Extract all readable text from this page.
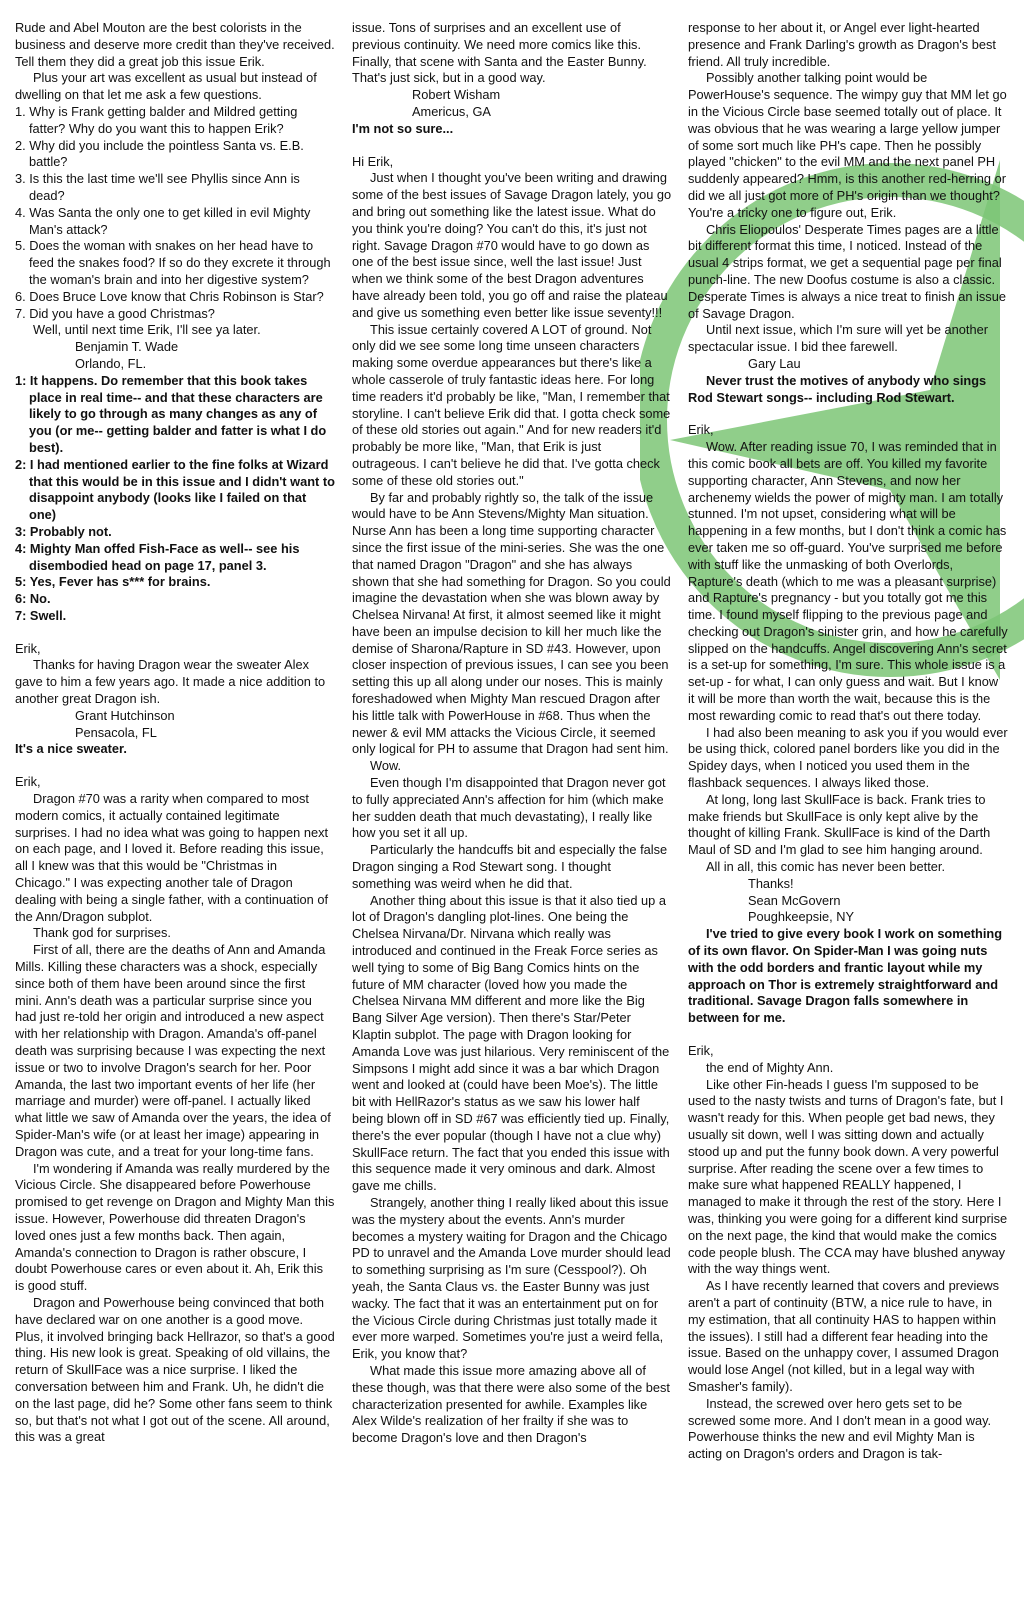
Rude and Abel Mouton are the best colorists in the business and deserve more credit than they've received. Tell them they did a great job this issue Erik.

Plus your art was excellent as usual but instead of dwelling on that let me ask a few questions.

1. Why is Frank getting balder and Mildred getting fatter? Why do you want this to happen Erik?
2. Why did you include the pointless Santa vs. E.B. battle?
3. Is this the last time we'll see Phyllis since Ann is dead?
4. Was Santa the only one to get killed in evil Mighty Man's attack?
5. Does the woman with snakes on her head have to feed the snakes food? If so do they excrete it through the woman's brain and into her digestive system?
6. Does Bruce Love know that Chris Robinson is Star?
7. Did you have a good Christmas?

Well, until next time Erik, I'll see ya later.

Benjamin T. Wade

Orlando, FL.

1: It happens. Do remember that this book takes place in real time-- and that these characters are likely to go through as many changes as any of you (or me-- getting balder and fatter is what I do best).
2: I had mentioned earlier to the fine folks at Wizard that this would be in this issue and I didn't want to disappoint anybody (looks like I failed on that one)
3: Probably not.
4: Mighty Man offed Fish-Face as well-- see his disembodied head on page 17, panel 3.
5: Yes, Fever has s*** for brains.
6: No.
7: Swell.

Erik,

Thanks for having Dragon wear the sweater Alex gave to him a few years ago. It made a nice addition to another great Dragon ish.

Grant Hutchinson

Pensacola, FL

It's a nice sweater.

Erik,

Dragon #70 was a rarity when compared to most modern comics, it actually contained legitimate surprises. I had no idea what was going to happen next on each page, and I loved it. Before reading this issue, all I knew was that this would be "Christmas in Chicago." I was expecting another tale of Dragon dealing with being a single father, with a continuation of the Ann/Dragon subplot.

Thank god for surprises.

First of all, there are the deaths of Ann and Amanda Mills. Killing these characters was a shock, especially since both of them have been around since the first mini. Ann's death was a particular surprise since you had just re-told her origin and introduced a new aspect with her relationship with Dragon. Amanda's off-panel death was surprising because I was expecting the next issue or two to involve Dragon's search for her. Poor Amanda, the last two important events of her life (her marriage and murder) were off-panel. I actually liked what little we saw of Amanda over the years, the idea of Spider-Man's wife (or at least her image) appearing in Dragon was cute, and a treat for your long-time fans.

I'm wondering if Amanda was really murdered by the Vicious Circle. She disappeared before Powerhouse promised to get revenge on Dragon and Mighty Man this issue. However, Powerhouse did threaten Dragon's loved ones just a few months back. Then again, Amanda's connection to Dragon is rather obscure, I doubt Powerhouse cares or even about it. Ah, Erik this is good stuff.

Dragon and Powerhouse being convinced that both have declared war on one another is a good move. Plus, it involved bringing back Hellrazor, so that's a good thing. His new look is great. Speaking of old villains, the return of SkullFace was a nice surprise. I liked the conversation between him and Frank. Uh, he didn't die on the last page, did he? Some other fans seem to think so, but that's not what I got out of the scene. All around, this was a great

issue. Tons of surprises and an excellent use of previous continuity. We need more comics like this. Finally, that scene with Santa and the Easter Bunny. That's just sick, but in a good way.

Robert Wisham

Americus, GA

I'm not so sure...

Hi Erik,

Just when I thought you've been writing and drawing some of the best issues of Savage Dragon lately, you go and bring out something like the latest issue. What do you think you're doing? You can't do this, it's just not right. Savage Dragon #70 would have to go down as one of the best issue since, well the last issue! Just when we think some of the best Dragon adventures have already been told, you go off and raise the plateau and give us something even better like issue seventy!!!

This issue certainly covered A LOT of ground. Not only did we see some long time unseen characters making some overdue appearances but there's like a whole casserole of truly fantastic ideas here. For long time readers it'd probably be like, "Man, I remember that storyline. I can't believe Erik did that. I gotta check some of these old stories out again." And for new readers it'd probably be more like, "Man, that Erik is just outrageous. I can't believe he did that. I've gotta check some of these old stories out."

By far and probably rightly so, the talk of the issue would have to be Ann Stevens/Mighty Man situation. Nurse Ann has been a long time supporting character since the first issue of the mini-series. She was the one that named Dragon "Dragon" and she has always shown that she had something for Dragon. So you could imagine the devastation when she was blown away by Chelsea Nirvana! At first, it almost seemed like it might have been an impulse decision to kill her much like the demise of Sharona/Rapture in SD #43. However, upon closer inspection of previous issues, I can see you been setting this up all along under our noses. This is mainly foreshadowed when Mighty Man rescued Dragon after his little talk with PowerHouse in #68. Thus when the newer & evil MM attacks the Vicious Circle, it seemed only logical for PH to assume that Dragon had sent him.

Wow.

Even though I'm disappointed that Dragon never got to fully appreciated Ann's affection for him (which make her sudden death that much devastating), I really like how you set it all up.

Particularly the handcuffs bit and especially the false Dragon singing a Rod Stewart song. I thought something was weird when he did that.

Another thing about this issue is that it also tied up a lot of Dragon's dangling plot-lines. One being the Chelsea Nirvana/Dr. Nirvana which really was introduced and continued in the Freak Force series as well tying to some of Big Bang Comics hints on the future of MM character (loved how you made the Chelsea Nirvana MM different and more like the Big Bang Silver Age version). Then there's Star/Peter Klaptin subplot. The page with Dragon looking for Amanda Love was just hilarious. Very reminiscent of the Simpsons I might add since it was a bar which Dragon went and looked at (could have been Moe's). The little bit with HellRazor's status as we saw his lower half being blown off in SD #67 was efficiently tied up. Finally, there's the ever popular (though I have not a clue why) SkullFace return. The fact that you ended this issue with this sequence made it very ominous and dark. Almost gave me chills.

Strangely, another thing I really liked about this issue was the mystery about the events. Ann's murder becomes a mystery waiting for Dragon and the Chicago PD to unravel and the Amanda Love murder should lead to something surprising as I'm sure (Cesspool?). Oh yeah, the Santa Claus vs. the Easter Bunny was just wacky. The fact that it was an entertainment put on for the Vicious Circle during Christmas just totally made it ever more warped. Sometimes you're just a weird fella, Erik, you know that?

What made this issue more amazing above all of these though, was that there were also some of the best characterization presented for awhile. Examples like Alex Wilde's realization of her frailty if she was to become Dragon's love and then Dragon's

response to her about it, or Angel ever light-hearted presence and Frank Darling's growth as Dragon's best friend. All truly incredible.

Possibly another talking point would be PowerHouse's sequence. The wimpy guy that MM let go in the Vicious Circle base seemed totally out of place. It was obvious that he was wearing a large yellow jumper of some sort much like PH's cape. Then he possibly played "chicken" to the evil MM and the next panel PH suddenly appeared? Hmm, is this another red-herring or did we all just got more of PH's origin than we thought? You're a tricky one to figure out, Erik.

Chris Eliopoulos' Desperate Times pages are a little bit different format this time, I noticed. Instead of the usual 4 strips format, we get a sequential page per final punch-line. The new Doofus costume is also a classic. Desperate Times is always a nice treat to finish an issue of Savage Dragon.

Until next issue, which I'm sure will yet be another spectacular issue. I bid thee farewell.

Gary Lau

Never trust the motives of anybody who sings Rod Stewart songs-- including Rod Stewart.

Erik,

Wow. After reading issue 70, I was reminded that in this comic book all bets are off. You killed my favorite supporting character, Ann Stevens, and now her archenemy wields the power of mighty man. I am totally stunned. I'm not upset, considering what will be happening in a few months, but I don't think a comic has ever taken me so off-guard. You've surprised me before with stuff like the unmasking of both Overlords, Rapture's death (which to me was a pleasant surprise) and Rapture's pregnancy - but you totally got me this time. I found myself flipping to the previous page and checking out Dragon's sinister grin, and how he carefully slipped on the handcuffs. Angel discovering Ann's secret is a set-up for something, I'm sure. This whole issue is a set-up - for what, I can only guess and wait. But I know it will be more than worth the wait, because this is the most rewarding comic to read that's out there today.

I had also been meaning to ask you if you would ever be using thick, colored panel borders like you did in the Spidey days, when I noticed you used them in the flashback sequences. I always liked those.

At long, long last SkullFace is back. Frank tries to make friends but SkullFace is only kept alive by the thought of killing Frank. SkullFace is kind of the Darth Maul of SD and I'm glad to see him hanging around.

All in all, this comic has never been better.

Thanks!

Sean McGovern

Poughkeepsie, NY

I've tried to give every book I work on something of its own flavor. On Spider-Man I was going nuts with the odd borders and frantic layout while my approach on Thor is extremely straightforward and traditional. Savage Dragon falls somewhere in between for me.

Erik,

the end of Mighty Ann.

Like other Fin-heads I guess I'm supposed to be used to the nasty twists and turns of Dragon's fate, but I wasn't ready for this. When people get bad news, they usually sit down, well I was sitting down and actually stood up and put the funny book down. A very powerful surprise. After reading the scene over a few times to make sure what happened REALLY happened, I managed to make it through the rest of the story. Here I was, thinking you were going for a different kind surprise on the next page, the kind that would make the comics code people blush. The CCA may have blushed anyway with the way things went.

As I have recently learned that covers and previews aren't a part of continuity (BTW, a nice rule to have, in my estimation, that all continuity HAS to happen within the issues). I still had a different fear heading into the issue. Based on the unhappy cover, I assumed Dragon would lose Angel (not killed, but in a legal way with Smasher's family).

Instead, the screwed over hero gets set to be screwed some more. And I don't mean in a good way. Powerhouse thinks the new and evil Mighty Man is acting on Dragon's orders and Dragon is tak-
